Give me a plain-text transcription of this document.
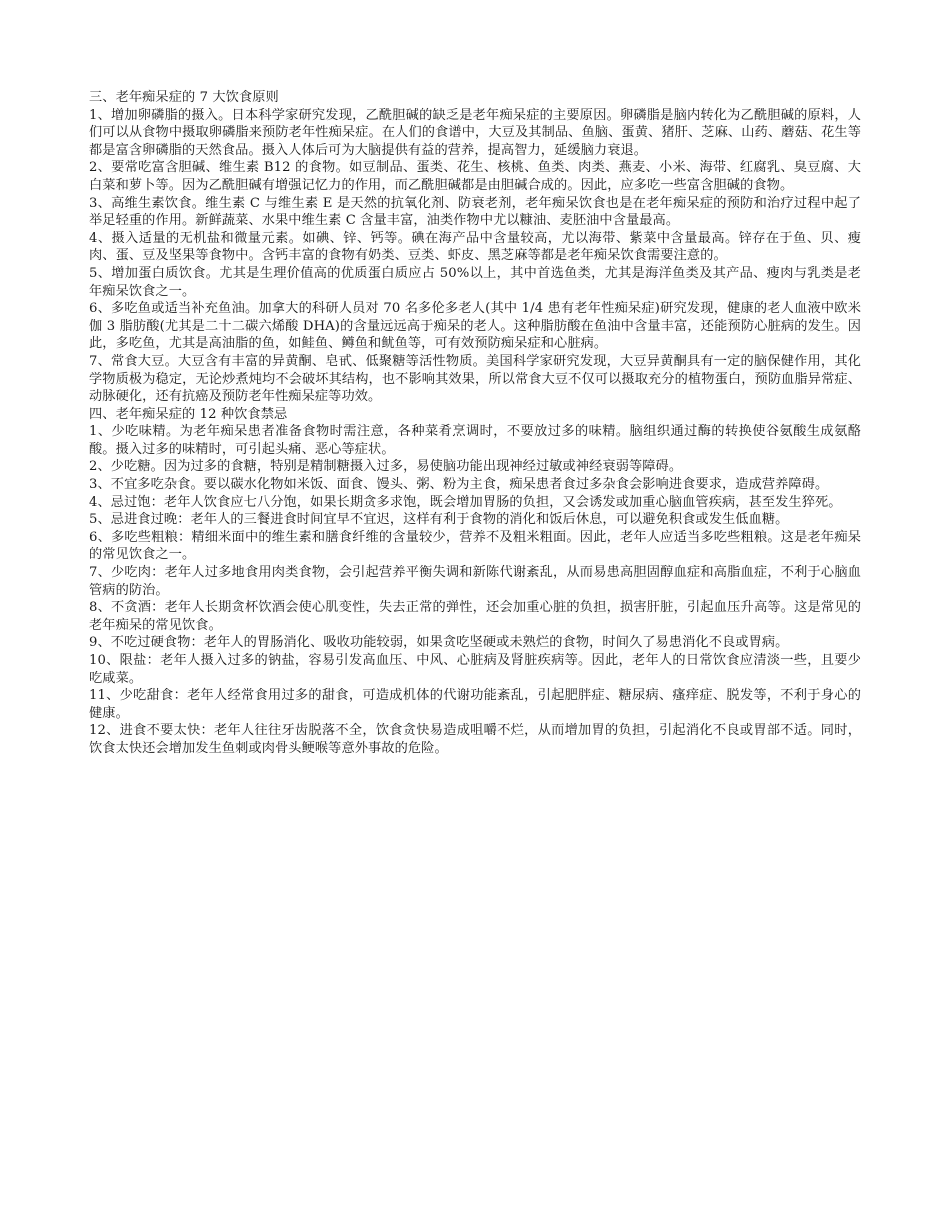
三、老年痴呆症的 7 大饮食原则

1、增加卵磷脂的摄入。日本科学家研究发现，乙酰胆碱的缺乏是老年痴呆症的主要原因。卵磷脂是脑内转化为乙酰胆碱的原料，人们可以从食物中摄取卵磷脂来预防老年性痴呆症。在人们的食谱中，大豆及其制品、鱼脑、蛋黄、猪肝、芝麻、山药、蘑菇、花生等都是富含卵磷脂的天然食品。摄入人体后可为大脑提供有益的营养，提高智力，延缓脑力衰退。

2、要常吃富含胆碱、维生素 B12 的食物。如豆制品、蛋类、花生、核桃、鱼类、肉类、燕麦、小米、海带、红腐乳、臭豆腐、大白菜和萝卜等。因为乙酰胆碱有增强记忆力的作用，而乙酰胆碱都是由胆碱合成的。因此，应多吃一些富含胆碱的食物。

3、高维生素饮食。维生素 C 与维生素 E 是天然的抗氧化剂、防衰老剂，老年痴呆饮食也是在老年痴呆症的预防和治疗过程中起了举足轻重的作用。新鲜蔬菜、水果中维生素 C 含量丰富，油类作物中尤以糠油、麦胚油中含量最高。

4、摄入适量的无机盐和微量元素。如碘、锌、钙等。碘在海产品中含量较高，尤以海带、紫菜中含量最高。锌存在于鱼、贝、瘦肉、蛋、豆及坚果等食物中。含钙丰富的食物有奶类、豆类、虾皮、黑芝麻等都是老年痴呆饮食需要注意的。

5、增加蛋白质饮食。尤其是生理价值高的优质蛋白质应占 50%以上，其中首选鱼类，尤其是海洋鱼类及其产品、瘦肉与乳类是老年痴呆饮食之一。

6、多吃鱼或适当补充鱼油。加拿大的科研人员对 70 名多伦多老人(其中 1/4 患有老年性痴呆症)研究发现，健康的老人血液中欧米伽 3 脂肪酸(尤其是二十二碳六烯酸 DHA)的含量远远高于痴呆的老人。这种脂肪酸在鱼油中含量丰富，还能预防心脏病的发生。因此，多吃鱼，尤其是高油脂的鱼，如鲑鱼、鳟鱼和鱿鱼等，可有效预防痴呆症和心脏病。

7、常食大豆。大豆含有丰富的异黄酮、皂甙、低聚糖等活性物质。美国科学家研究发现，大豆异黄酮具有一定的脑保健作用，其化学物质极为稳定，无论炒煮炖均不会破坏其结构，也不影响其效果，所以常食大豆不仅可以摄取充分的植物蛋白，预防血脂异常症、动脉硬化，还有抗癌及预防老年性痴呆症等功效。

四、老年痴呆症的 12 种饮食禁忌

1、少吃味精。为老年痴呆患者准备食物时需注意，各种菜肴烹调时，不要放过多的味精。脑组织通过酶的转换使谷氨酸生成氨酪酸。摄入过多的味精时，可引起头痛、恶心等症状。

2、少吃糖。因为过多的食糖，特别是精制糖摄入过多，易使脑功能出现神经过敏或神经衰弱等障碍。

3、不宜多吃杂食。要以碳水化物如米饭、面食、馒头、粥、粉为主食，痴呆患者食过多杂食会影响进食要求，造成营养障碍。

4、忌过饱：老年人饮食应七八分饱，如果长期贪多求饱，既会增加胃肠的负担，又会诱发或加重心脑血管疾病，甚至发生猝死。

5、忌进食过晚：老年人的三餐进食时间宜早不宜迟，这样有利于食物的消化和饭后休息，可以避免积食或发生低血糖。

6、多吃些粗粮：精细米面中的维生素和膳食纤维的含量较少，营养不及粗米粗面。因此，老年人应适当多吃些粗粮。这是老年痴呆的常见饮食之一。

7、少吃肉：老年人过多地食用肉类食物，会引起营养平衡失调和新陈代谢紊乱，从而易患高胆固醇血症和高脂血症，不利于心脑血管病的防治。

8、不贪酒：老年人长期贪杯饮酒会使心肌变性，失去正常的弹性，还会加重心脏的负担，损害肝脏，引起血压升高等。这是常见的老年痴呆的常见饮食。

9、不吃过硬食物：老年人的胃肠消化、吸收功能较弱，如果贪吃坚硬或未熟烂的食物，时间久了易患消化不良或胃病。

10、限盐：老年人摄入过多的钠盐，容易引发高血压、中风、心脏病及肾脏疾病等。因此，老年人的日常饮食应清淡一些，且要少吃咸菜。

11、少吃甜食：老年人经常食用过多的甜食，可造成机体的代谢功能紊乱，引起肥胖症、糖尿病、瘙痒症、脱发等，不利于身心的健康。

12、进食不要太快：老年人往往牙齿脱落不全，饮食贪快易造成咀嚼不烂，从而增加胃的负担，引起消化不良或胃部不适。同时，饮食太快还会增加发生鱼刺或肉骨头鲠喉等意外事故的危险。
